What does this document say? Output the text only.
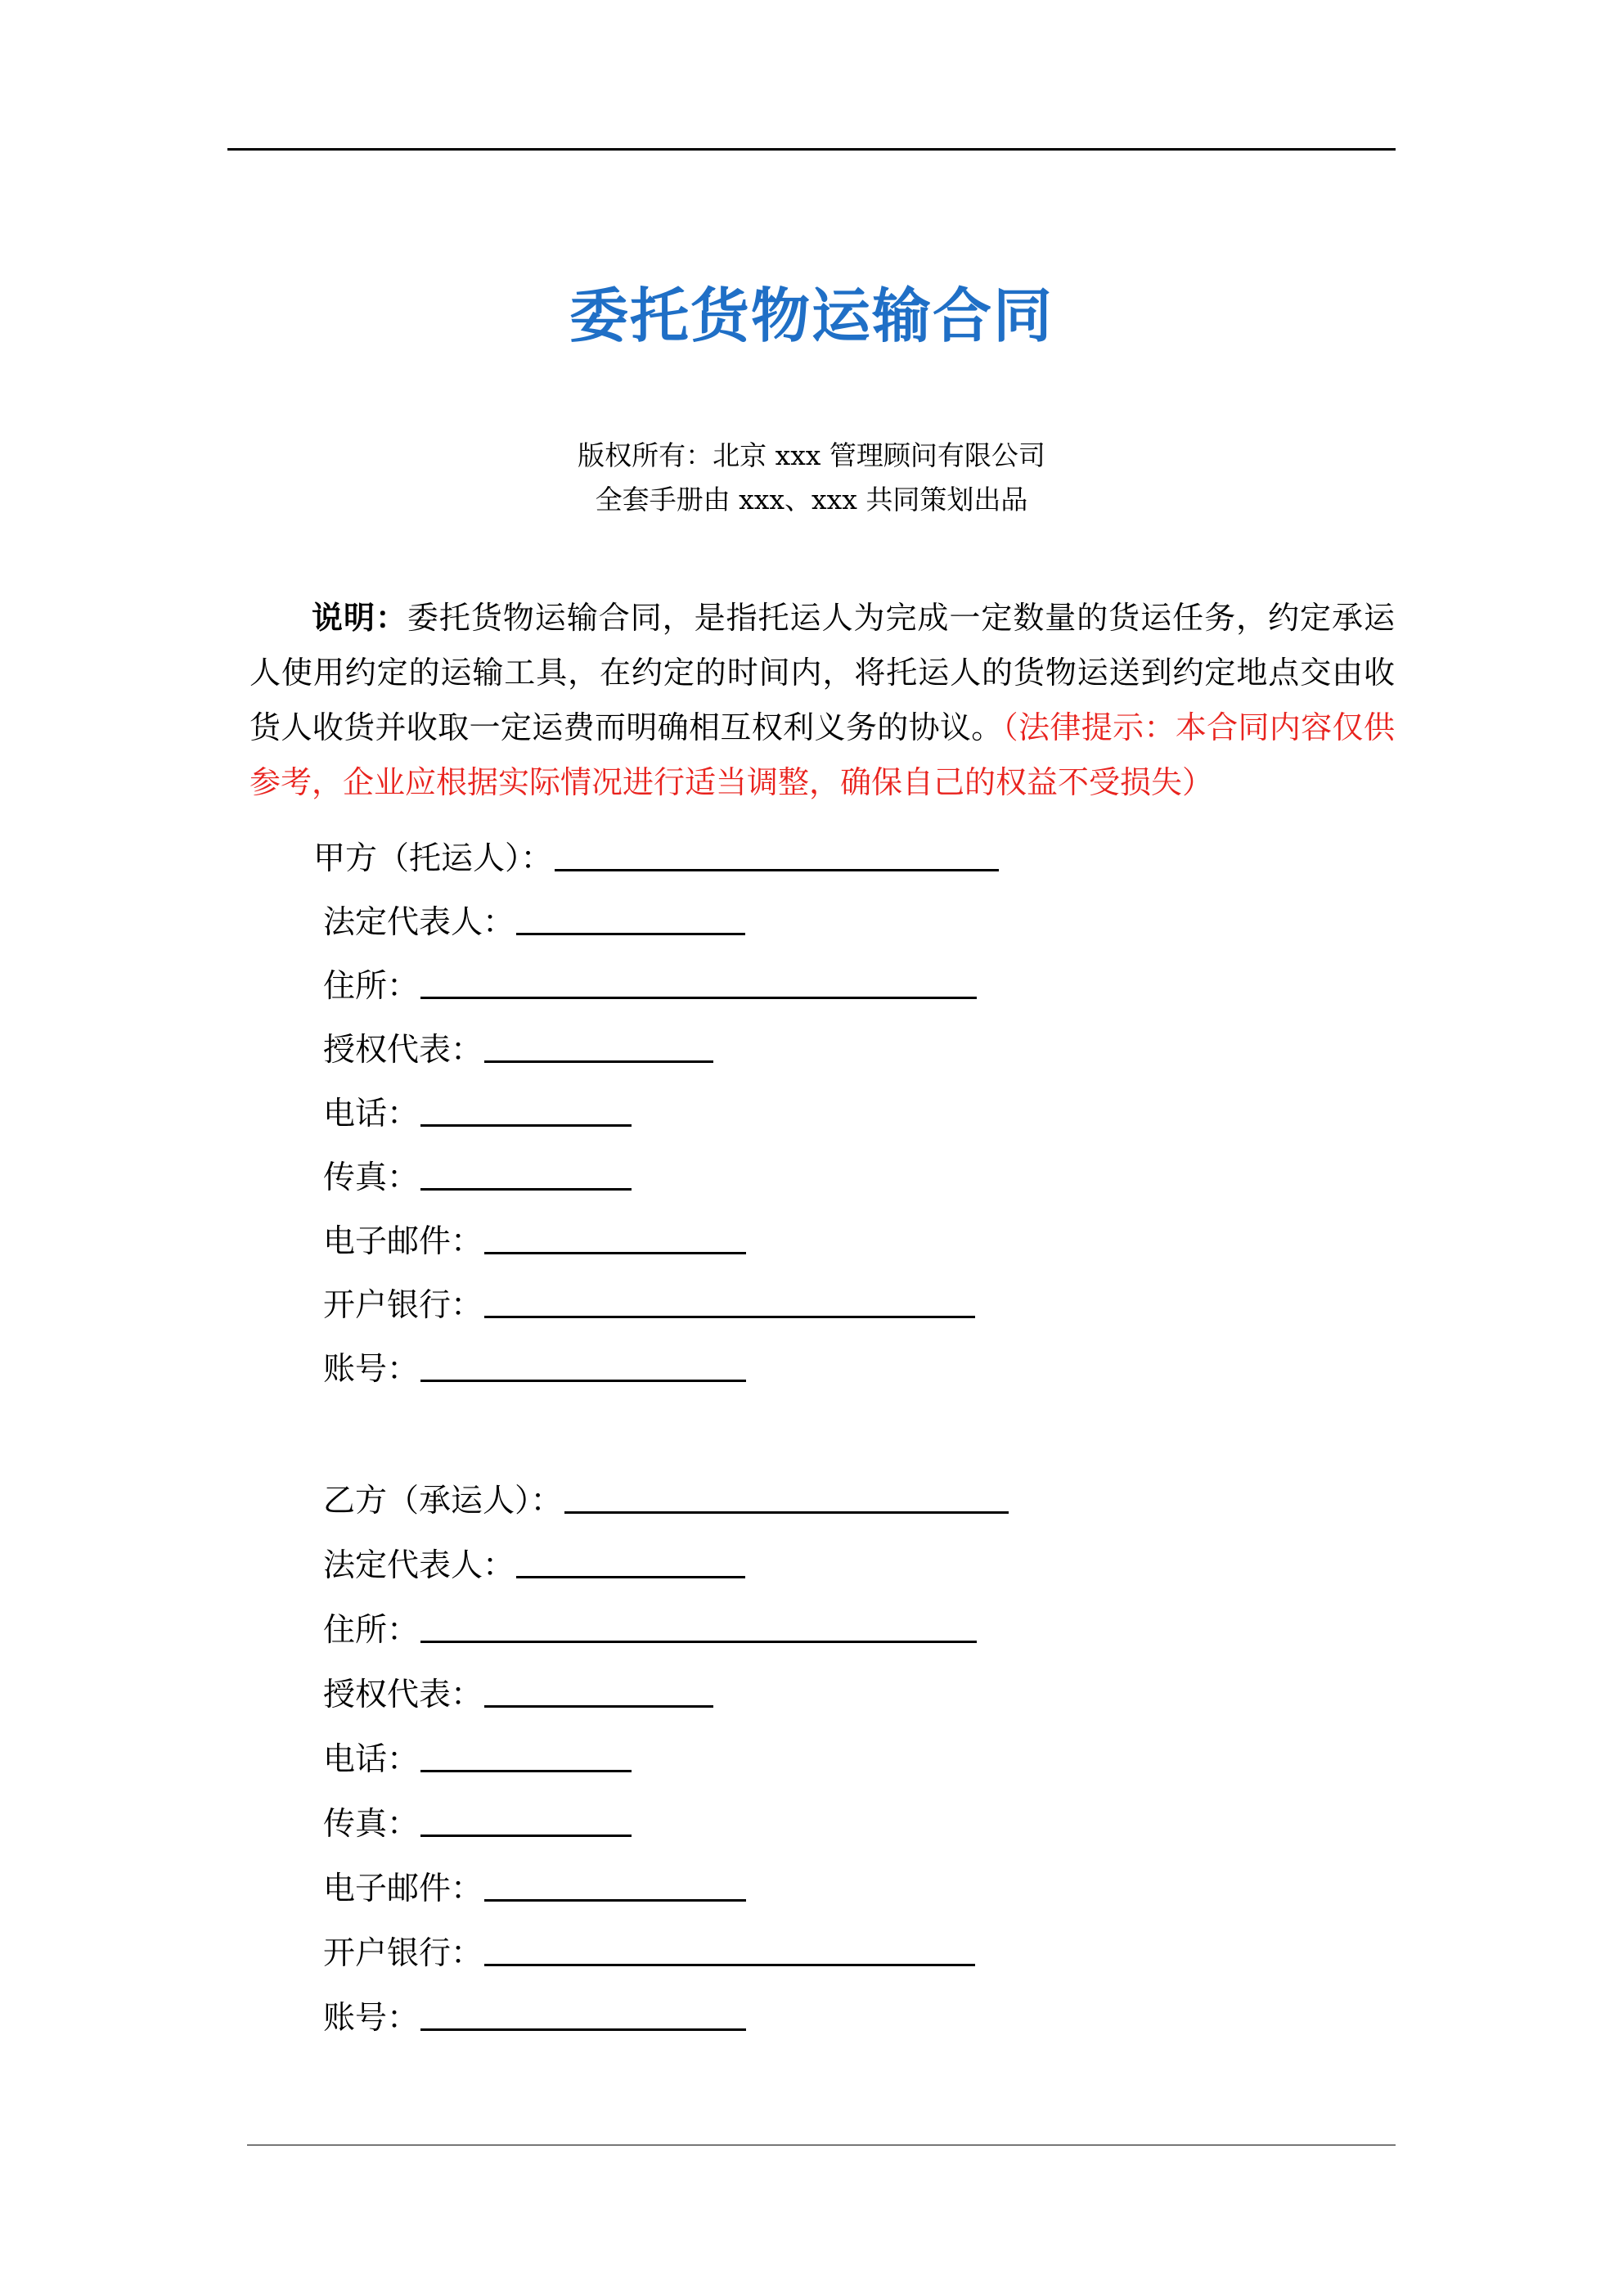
委托货物运输合同
版权所有：北京 xxx 管理顾问有限公司
全套手册由 xxx、xxx 共同策划出品

说明：委托货物运输合同，是指托运人为完成一定数量的货运任务，约定承运人使用约定的运输工具，在约定的时间内，将托运人的货物运送到约定地点交由收货人收货并收取一定运费而明确相互权利义务的协议。（法律提示：本合同内容仅供参考，企业应根据实际情况进行适当调整，确保自己的权益不受损失）

甲方（托运人）：
法定代表人：
住所：
授权代表：
电话：
传真：
电子邮件：
开户银行：
账号：
乙方（承运人）：
法定代表人：
住所：
授权代表：
电话：
传真：
电子邮件：
开户银行：
账号：
